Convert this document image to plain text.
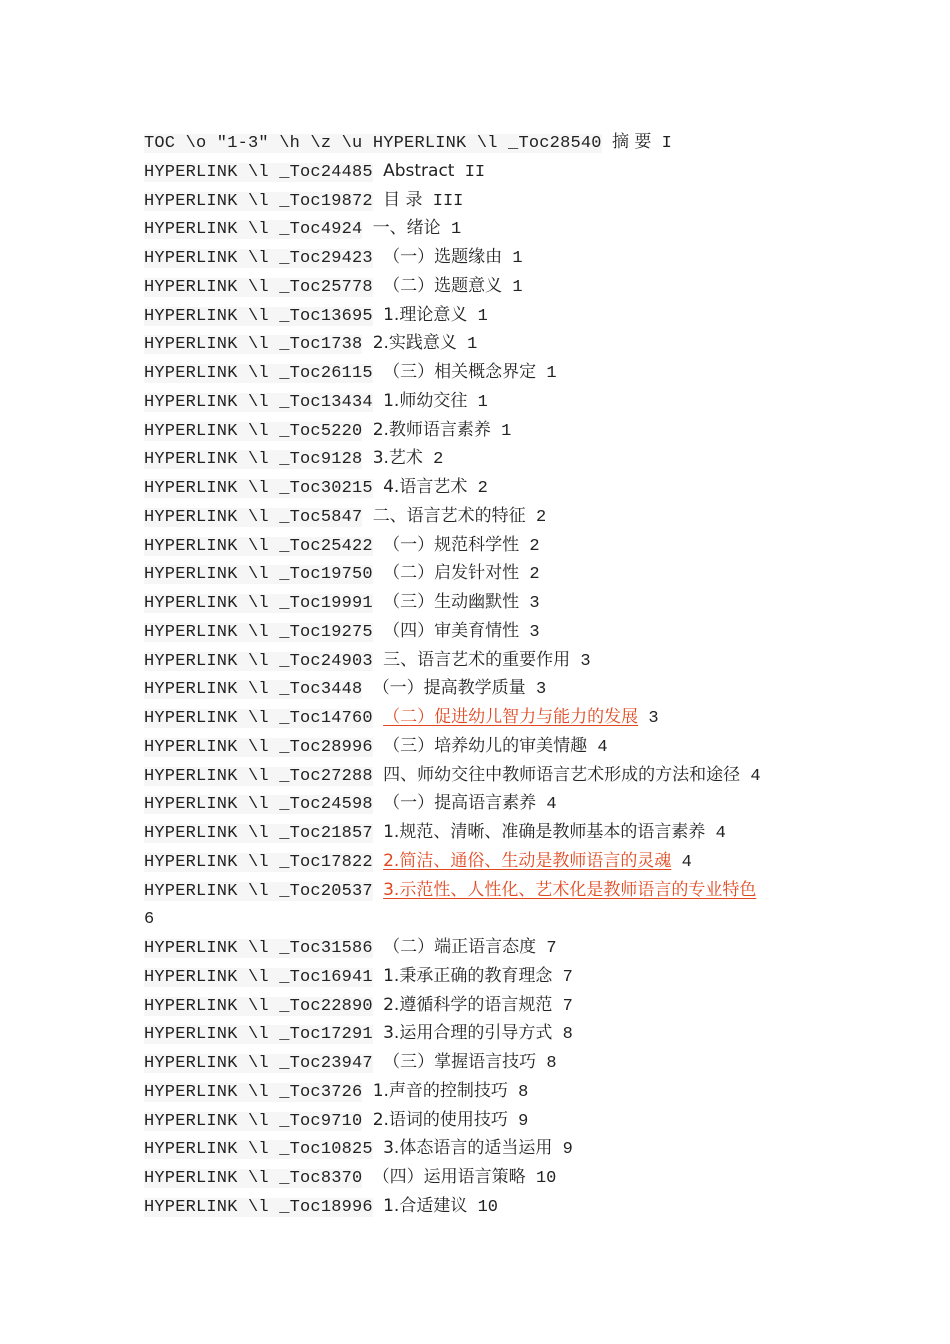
TOC \o "1-3" \h \z \u HYPERLINK \l _Toc28540 摘 要 I
HYPERLINK \l _Toc24485 Abstract II
HYPERLINK \l _Toc19872 目 录 III
HYPERLINK \l _Toc4924 一、绪论 1
HYPERLINK \l _Toc29423 （一）选题缘由 1
HYPERLINK \l _Toc25778 （二）选题意义 1
HYPERLINK \l _Toc13695 1.理论意义 1
HYPERLINK \l _Toc1738 2.实践意义 1
HYPERLINK \l _Toc26115 （三）相关概念界定 1
HYPERLINK \l _Toc13434 1.师幼交往 1
HYPERLINK \l _Toc5220 2.教师语言素养 1
HYPERLINK \l _Toc9128 3.艺术 2
HYPERLINK \l _Toc30215 4.语言艺术 2
HYPERLINK \l _Toc5847 二、语言艺术的特征 2
HYPERLINK \l _Toc25422 （一）规范科学性 2
HYPERLINK \l _Toc19750 （二）启发针对性 2
HYPERLINK \l _Toc19991 （三）生动幽默性 3
HYPERLINK \l _Toc19275 （四）审美育情性 3
HYPERLINK \l _Toc24903 三、语言艺术的重要作用 3
HYPERLINK \l _Toc3448 （一）提高教学质量 3
HYPERLINK \l _Toc14760 （二）促进幼儿智力与能力的发展 3
HYPERLINK \l _Toc28996 （三）培养幼儿的审美情趣 4
HYPERLINK \l _Toc27288 四、师幼交往中教师语言艺术形成的方法和途径 4
HYPERLINK \l _Toc24598 （一）提高语言素养 4
HYPERLINK \l _Toc21857 1.规范、清晰、准确是教师基本的语言素养 4
HYPERLINK \l _Toc17822 2.简洁、通俗、生动是教师语言的灵魂 4
HYPERLINK \l _Toc20537 3.示范性、人性化、艺术化是教师语言的专业特色
6
HYPERLINK \l _Toc31586 （二）端正语言态度 7
HYPERLINK \l _Toc16941 1.秉承正确的教育理念 7
HYPERLINK \l _Toc22890 2.遵循科学的语言规范 7
HYPERLINK \l _Toc17291 3.运用合理的引导方式 8
HYPERLINK \l _Toc23947 （三）掌握语言技巧 8
HYPERLINK \l _Toc3726 1.声音的控制技巧 8
HYPERLINK \l _Toc9710 2.语词的使用技巧 9
HYPERLINK \l _Toc10825 3.体态语言的适当运用 9
HYPERLINK \l _Toc8370 （四）运用语言策略 10
HYPERLINK \l _Toc18996 1.合适建议 10
